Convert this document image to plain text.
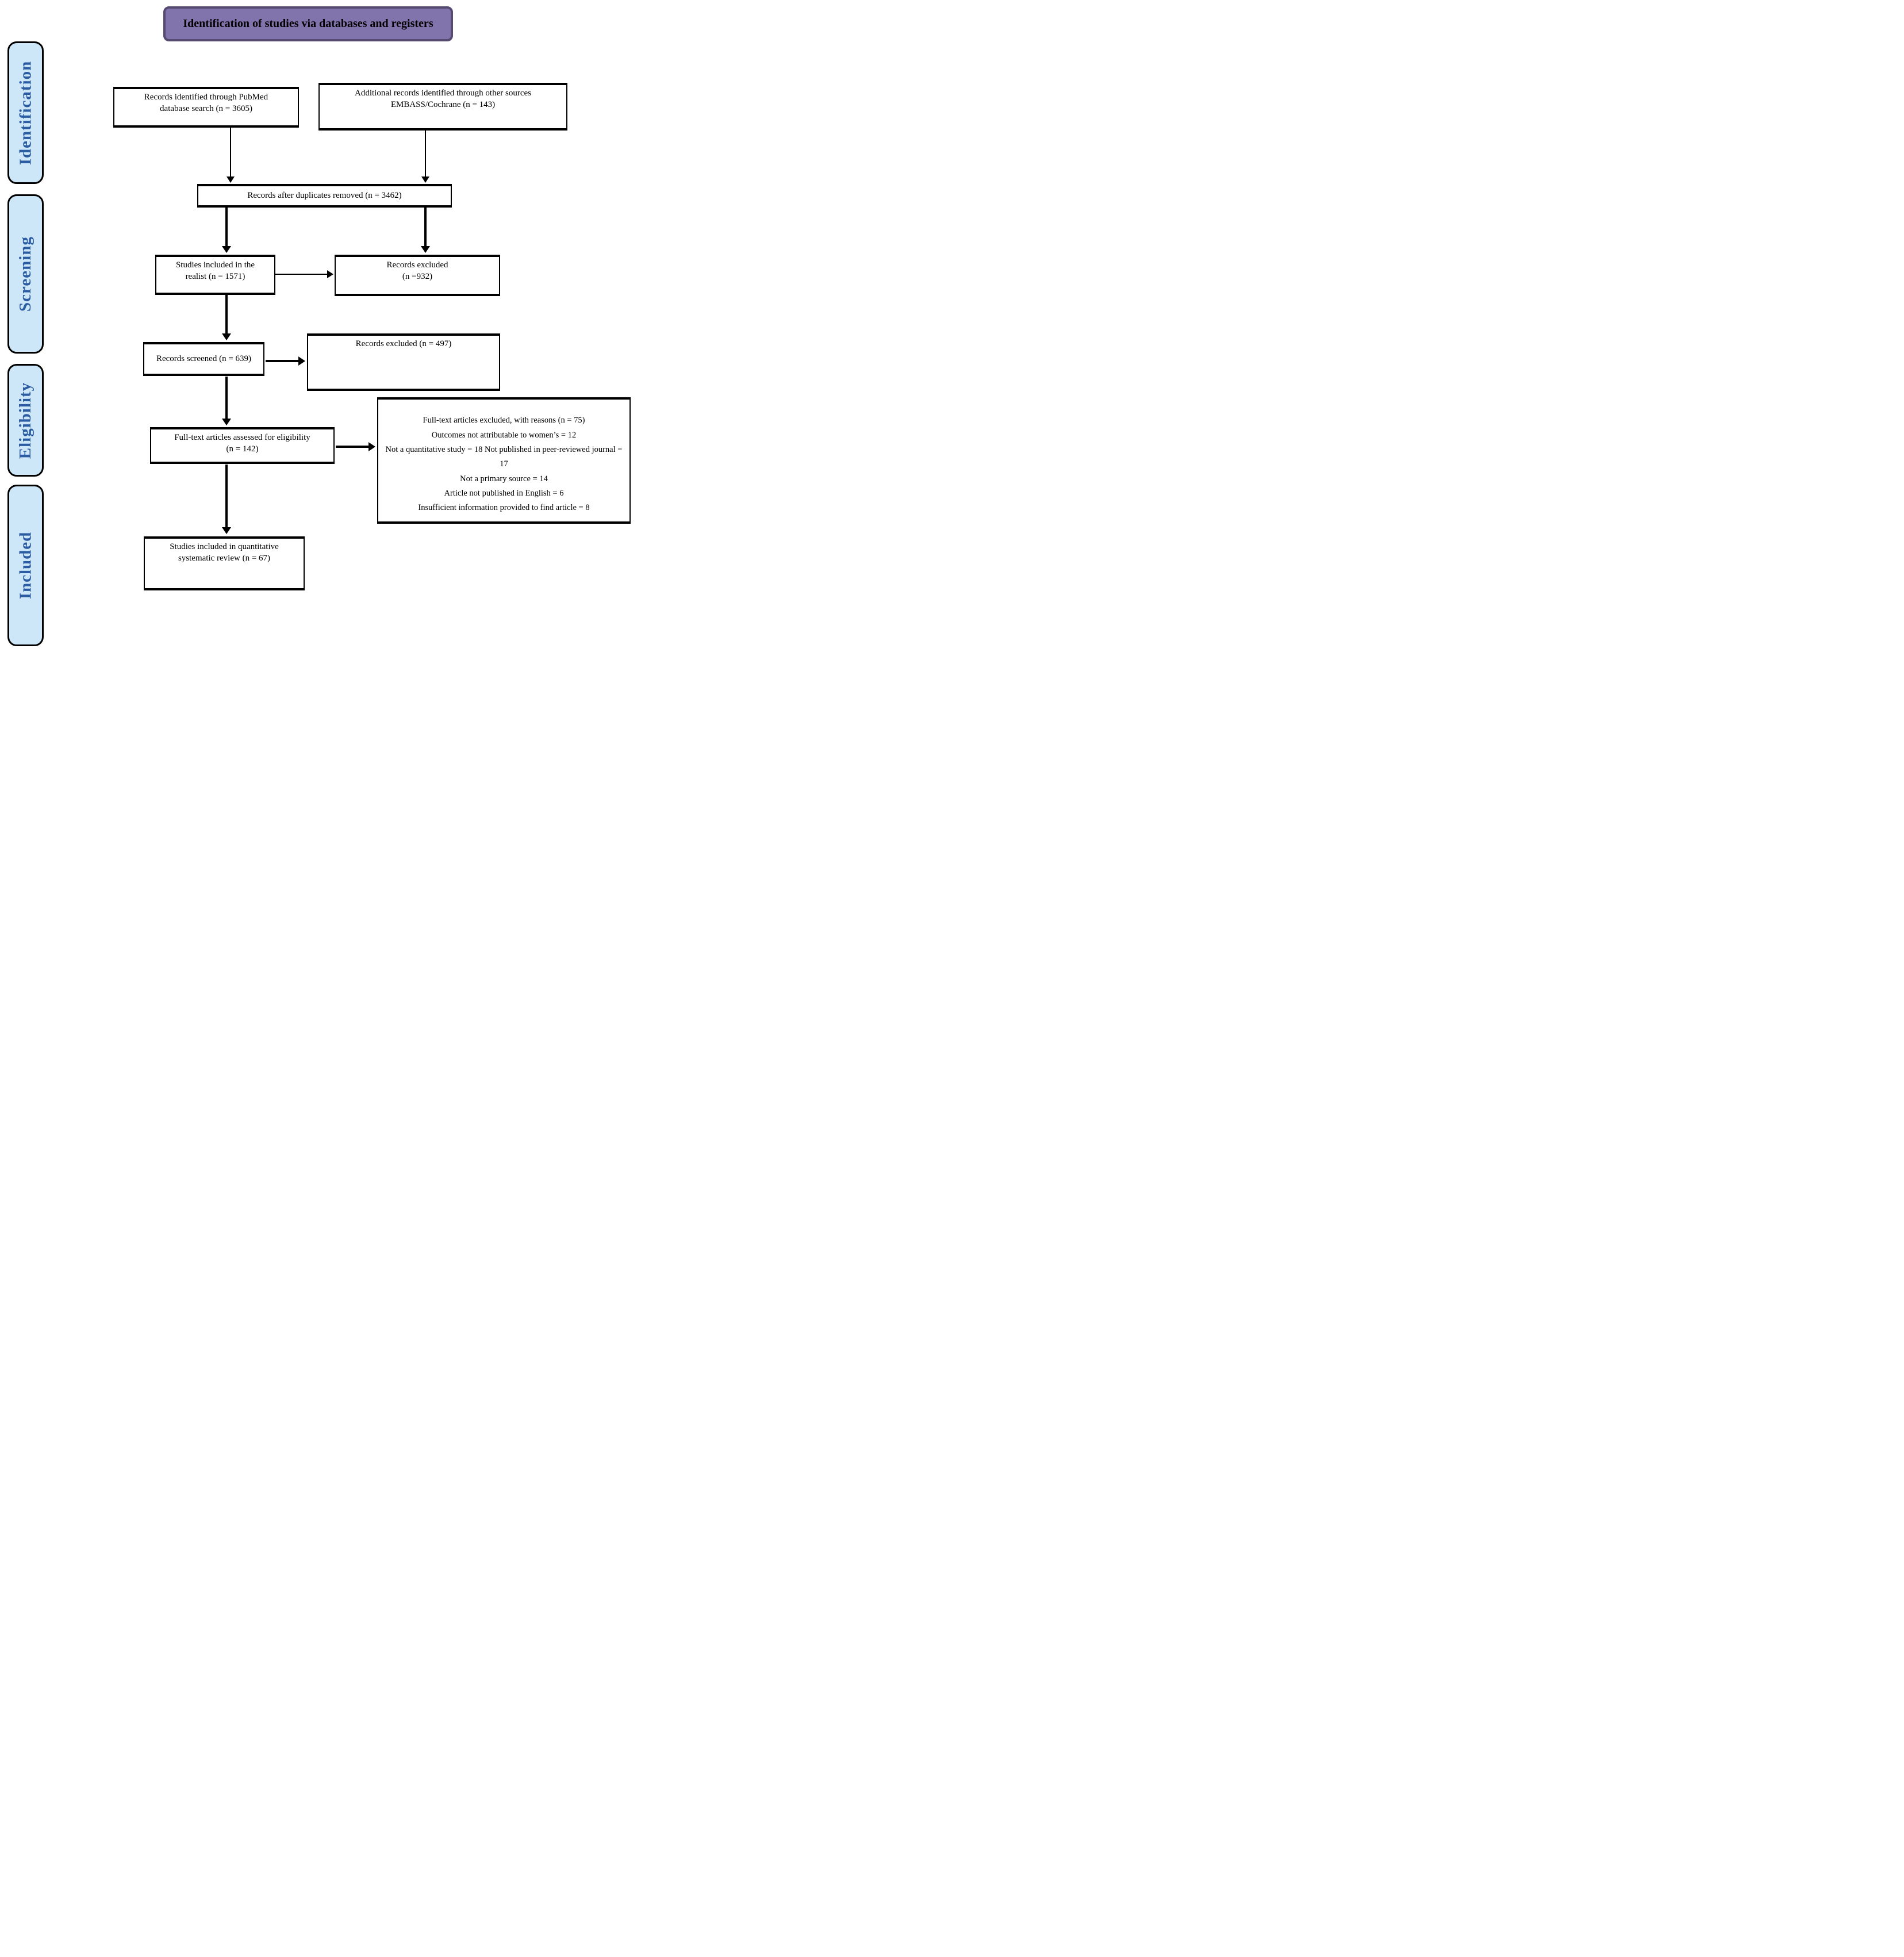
Identification of studies via databases and registers
Identification
Screening
Eligibility
Included
Records identified through PubMed
database search (n = 3605)
Additional records identified through other sources
EMBASS/Cochrane (n = 143)
Records after duplicates removed (n = 3462)
Studies included in the
realist (n = 1571)
Records excluded
(n =932)
Records screened (n = 639)
Records excluded (n = 497)
Full-text articles assessed for eligibility
(n = 142)
Full-text articles excluded, with reasons (n = 75)
Outcomes not attributable to women’s = 12
Not a quantitative study = 18 Not published in peer-reviewed journal = 17
Not a primary source = 14
Article not published in English = 6
Insufficient information provided to find article = 8
Studies included in quantitative
systematic review (n = 67)
